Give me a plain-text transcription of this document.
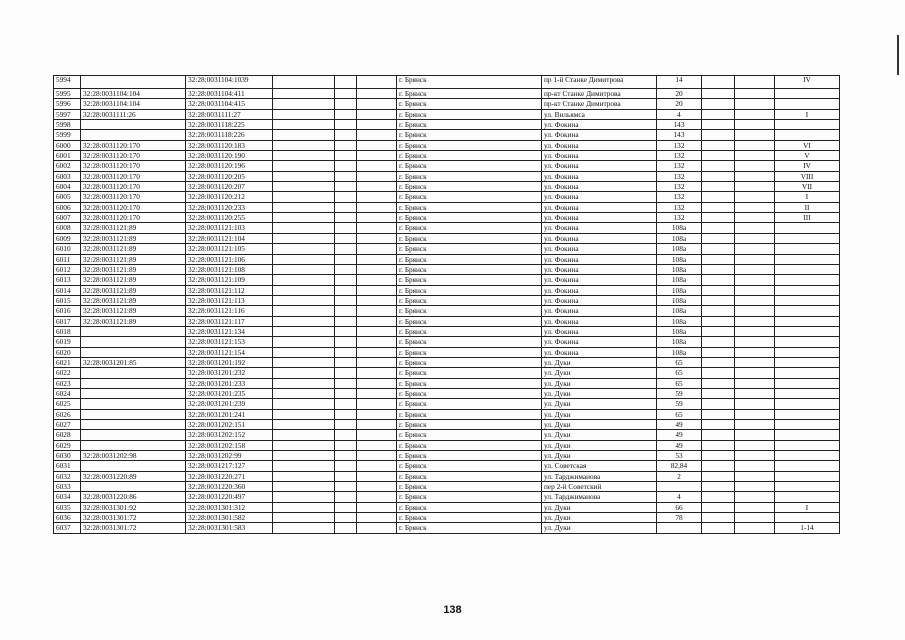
5994		32:28:0031104:1039				г. Брянск	пр 1-й Станке Димитрова	14			IV
5995	32:28:0031104:104	32:28:0031104:411				г. Брянск	пр-кт Станке Димитрова	20			
5996	32:28:0031104:104	32:28:0031104:415				г. Брянск	пр-кт Станке Димитрова	20			
5997	32:28:0031111:26	32:28:0031111:27				г. Брянск	ул. Вильямса	4			I
5998		32:28:0031118:225				г. Брянск	ул. Фокина	143			
5999		32:28:0031118:226				г. Брянск	ул. Фокина	143			
6000	32:28:0031120:170	32:28:0031120:183				г. Брянск	ул. Фокина	132			VI
6001	32:28:0031120:170	32:28:0031120:190				г. Брянск	ул. Фокина	132			V
6002	32:28:0031120:170	32:28:0031120:196				г. Брянск	ул. Фокина	132			IV
6003	32:28:0031120:170	32:28:0031120:205				г. Брянск	ул. Фокина	132			VIII
6004	32:28:0031120:170	32:28:0031120:207				г. Брянск	ул. Фокина	132			VII
6005	32:28:0031120:170	32:28:0031120:212				г. Брянск	ул. Фокина	132			I
6006	32:28:0031120:170	32:28:0031120:233				г. Брянск	ул. Фокина	132			II
6007	32:28:0031120:170	32:28:0031120:255				г. Брянск	ул. Фокина	132			III
6008	32:28:0031121:89	32:28:0031121:103				г. Брянск	ул. Фокина	108a			
6009	32:28:0031121:89	32:28:0031121:104				г. Брянск	ул. Фокина	108a			
6010	32:28:0031121:89	32:28:0031121:105				г. Брянск	ул. Фокина	108a			
6011	32:28:0031121:89	32:28:0031121:106				г. Брянск	ул. Фокина	108a			
6012	32:28:0031121:89	32:28:0031121:108				г. Брянск	ул. Фокина	108a			
6013	32:28:0031121:89	32:28:0031121:109				г. Брянск	ул. Фокина	108a			
6014	32:28:0031121:89	32:28:0031121:112				г. Брянск	ул. Фокина	108a			
6015	32:28:0031121:89	32:28:0031121:113				г. Брянск	ул. Фокина	108a			
6016	32:28:0031121:89	32:28:0031121:116				г. Брянск	ул. Фокина	108a			
6017	32:28:0031121:89	32:28:0031121:117				г. Брянск	ул. Фокина	108a			
6018		32:28:0031121:134				г. Брянск	ул. Фокина	108a			
6019		32:28:0031121:153				г. Брянск	ул. Фокина	108a			
6020		32:28:0031121:154				г. Брянск	ул. Фокина	108a			
6021	32:28:0031201:85	32:28:0031201:192				г. Брянск	ул. Дуки	65			
6022		32:28:0031201:232				г. Брянск	ул. Дуки	65			
6023		32:28:0031201:233				г. Брянск	ул. Дуки	65			
6024		32:28:0031201:235				г. Брянск	ул. Дуки	59			
6025		32:28:0031201:239				г. Брянск	ул. Дуки	59			
6026		32:28:0031201:241				г. Брянск	ул. Дуки	65			
6027		32:28:0031202:151				г. Брянск	ул. Дуки	49			
6028		32:28:0031202:152				г. Брянск	ул. Дуки	49			
6029		32:28:0031202:158				г. Брянск	ул. Дуки	49			
6030	32:28:0031202:98	32:28:0031202:99				г. Брянск	ул. Дуки	53			
6031		32:28:0031217:127				г. Брянск	ул. Советская	82,84			
6032	32:28:0031220:89	32:28:0031220:271				г. Брянск	ул. Тарджиманова	2			
6033		32:28:0031220:360				г. Брянск	пер 2-й Советский				
6034	32:28:0031220:86	32:28:0031220:497				г. Брянск	ул. Тарджиманова	4			
6035	32:28:0031301:92	32:28:0031301:312				г. Брянск	ул. Дуки	66			I
6036	32:28:0031301:72	32:28:0031301:582				г. Брянск	ул. Дуки	78			
6037	32:28:0031301:72	32:28:0031301:583				г. Брянск	ул. Дуки				1-14
138
